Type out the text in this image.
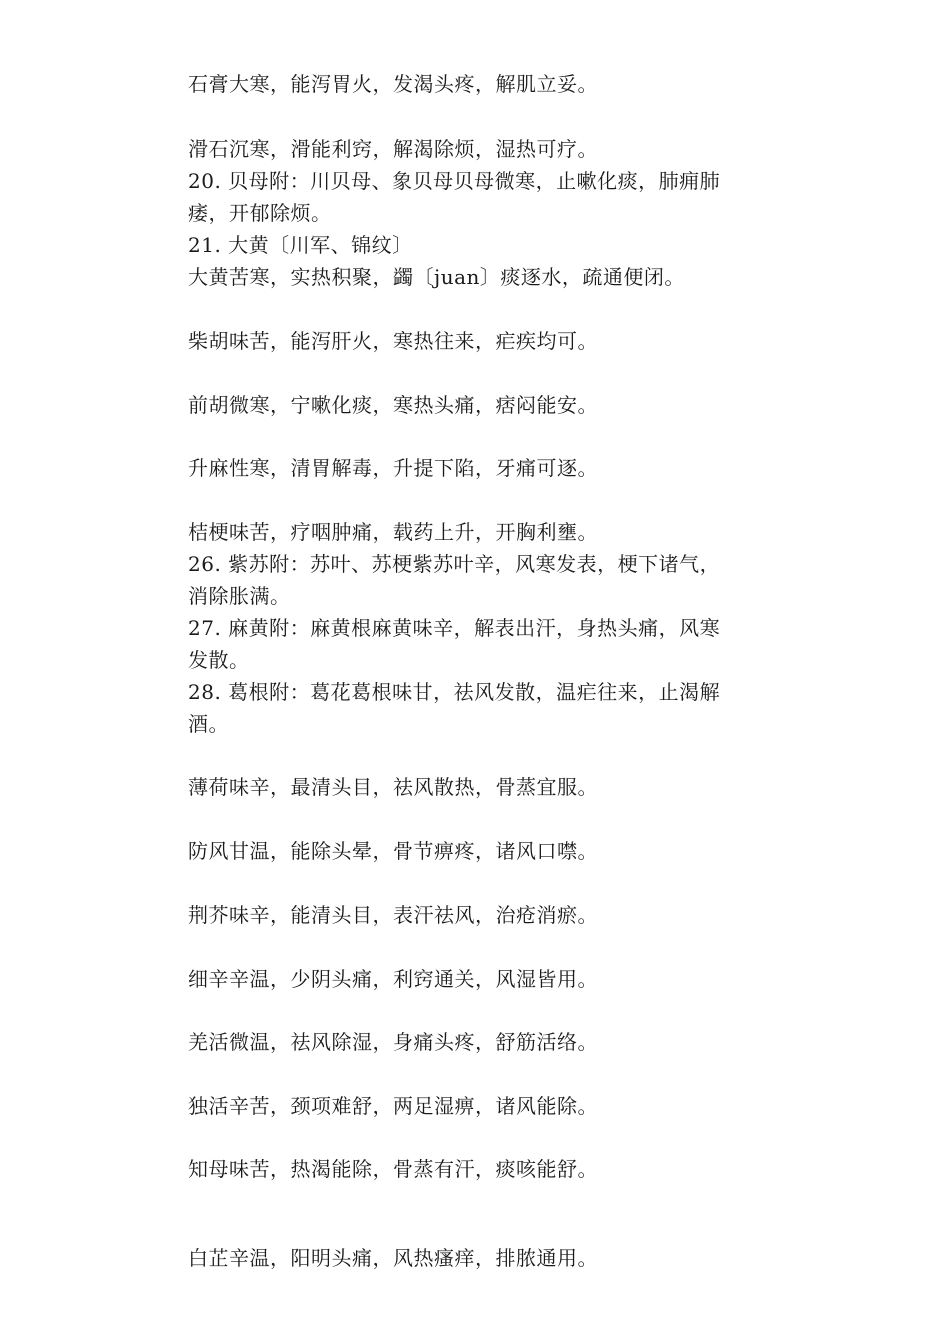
石膏大寒，能泻胃火，发渴头疼，解肌立妥。
滑石沉寒，滑能利窍，解渴除烦，湿热可疗。
20. 贝母附：川贝母、象贝母贝母微寒，止嗽化痰，肺痈肺
痿，开郁除烦。
21. 大黄〔川军、锦纹〕
大黄苦寒，实热积聚，蠲〔juan〕痰逐水，疏通便闭。
柴胡味苦，能泻肝火，寒热往来，疟疾均可。
前胡微寒，宁嗽化痰，寒热头痛，痞闷能安。
升麻性寒，清胃解毒，升提下陷，牙痛可逐。
桔梗味苦，疗咽肿痛，载药上升，开胸利壅。
26. 紫苏附：苏叶、苏梗紫苏叶辛，风寒发表，梗下诸气，
消除胀满。
27. 麻黄附：麻黄根麻黄味辛，解表出汗，身热头痛，风寒
发散。
28. 葛根附：葛花葛根味甘，祛风发散，温疟往来，止渴解
酒。
薄荷味辛，最清头目，祛风散热，骨蒸宜服。
防风甘温，能除头晕，骨节痹疼，诸风口噤。
荆芥味辛，能清头目，表汗祛风，治疮消瘀。
细辛辛温，少阴头痛，利窍通关，风湿皆用。
羌活微温，祛风除湿，身痛头疼，舒筋活络。
独活辛苦，颈项难舒，两足湿痹，诸风能除。
知母味苦，热渴能除，骨蒸有汗，痰咳能舒。
白芷辛温，阳明头痛，风热瘙痒，排脓通用。
